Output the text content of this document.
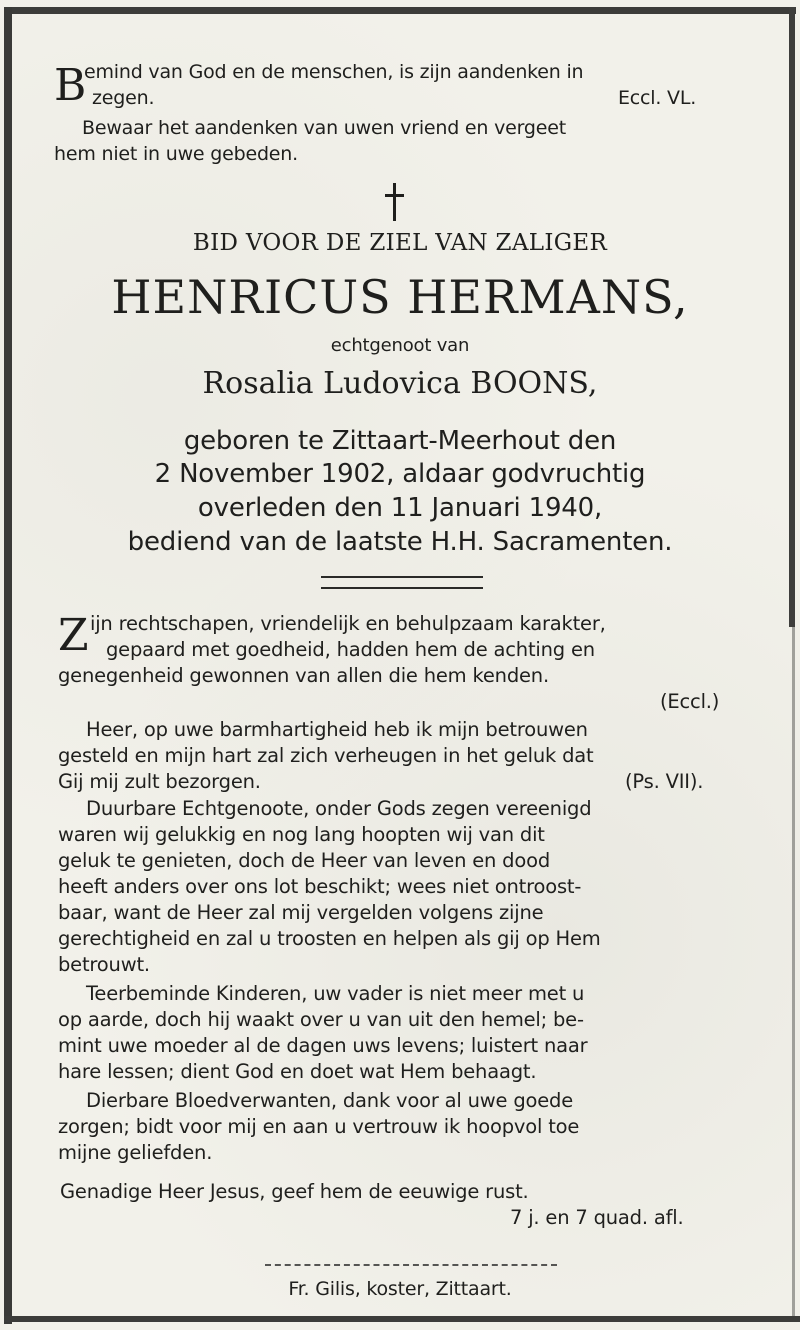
B
emind van God en de menschen, is zijn aandenken in
zegen.	Eccl. VL.
Bewaar het aandenken van uwen vriend en vergeet
hem niet in uwe gebeden.
BID VOOR DE ZIEL VAN ZALIGER
HENRICUS HERMANS,
echtgenoot van
Rosalia Ludovica BOONS,
geboren te Zittaart-Meerhout den
2 November 1902, aldaar godvruchtig
overleden den 11 Januari 1940,
bediend van de laatste H.H. Sacramenten.
Z ijn rechtschapen, vriendelijk en behulpzaam karakter,
gepaard met goedheid, hadden hem de achting en
genegenheid gewonnen van allen die hem kenden.
(Eccl.)
Heer, op uwe barmhartigheid heb ik mijn betrouwen
gesteld en mijn hart zal zich verheugen in het geluk dat
Gij mij zult bezorgen.	(Ps. VII).
Duurbare Echtgenoote, onder Gods zegen vereenigd
waren wij gelukkig en nog lang hoopten wij van dit
geluk te genieten, doch de Heer van leven en dood
heeft anders over ons lot beschikt; wees niet ontroost-
baar, want de Heer zal mij vergelden volgens zijne
gerechtigheid en zal u troosten en helpen als gij op Hem
betrouwt.
Teerbeminde Kinderen, uw vader is niet meer met u
op aarde, doch hij waakt over u van uit den hemel; be-
mint uwe moeder al de dagen uws levens; luistert naar
hare lessen; dient God en doet wat Hem behaagt.
Dierbare Bloedverwanten, dank voor al uwe goede
zorgen; bidt voor mij en aan u vertrouw ik hoopvol toe
mijne geliefden.
Genadige Heer Jesus, geef hem de eeuwige rust.
7 j. en 7 quad. afl.
Fr. Gilis, koster, Zittaart.
